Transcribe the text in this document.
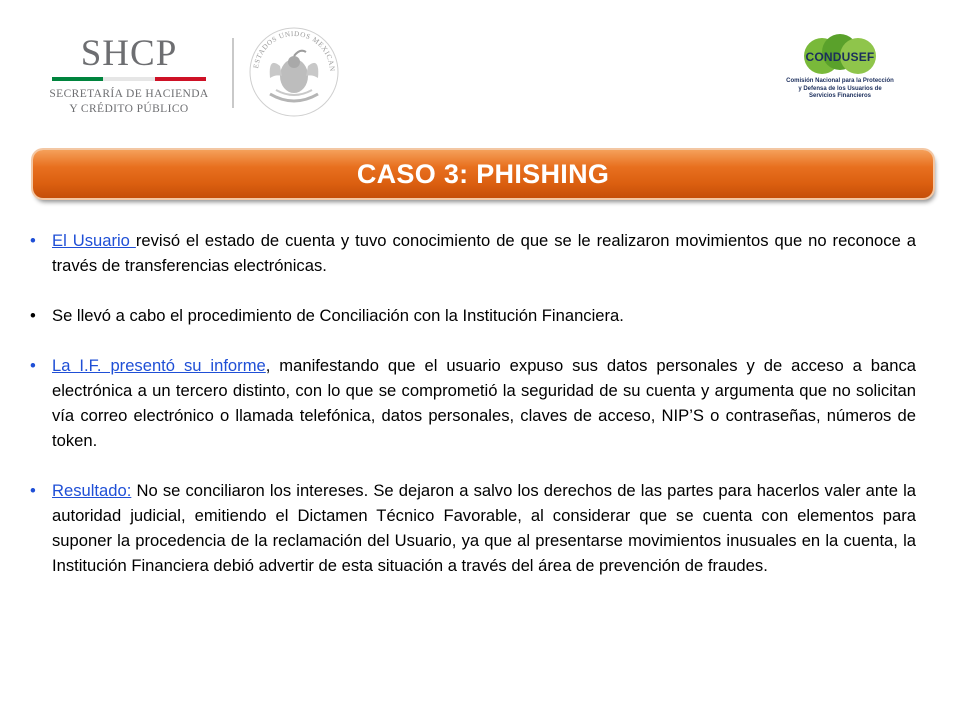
SHCP
SECRETARÍA DE HACIENDA
Y CRÉDITO PÚBLICO
ESTADOS UNIDOS MEXICAN
CONDUSEF
Comisión Nacional para la Protección
y Defensa de los Usuarios de
Servicios Financieros
CASO 3: PHISHING
• El Usuario revisó el estado de cuenta y tuvo conocimiento de que se le realizaron movimientos que no reconoce a través de transferencias electrónicas.
• Se llevó a cabo el procedimiento de Conciliación con la Institución Financiera.
• La I.F. presentó su informe, manifestando que el usuario expuso sus datos personales y de acceso a banca electrónica a un tercero distinto, con lo que se comprometió la seguridad de su cuenta y argumenta que no solicitan vía correo electrónico o llamada telefónica, datos personales, claves de acceso, NIP’S o contraseñas, números de token.
• Resultado: No se conciliaron los intereses. Se dejaron a salvo los derechos de las partes para hacerlos valer ante la autoridad judicial, emitiendo el Dictamen Técnico Favorable, al considerar que se cuenta con elementos para suponer la procedencia de la reclamación del Usuario, ya que al presentarse movimientos inusuales en la cuenta, la Institución Financiera debió advertir de esta situación a través del área de prevención de fraudes.
